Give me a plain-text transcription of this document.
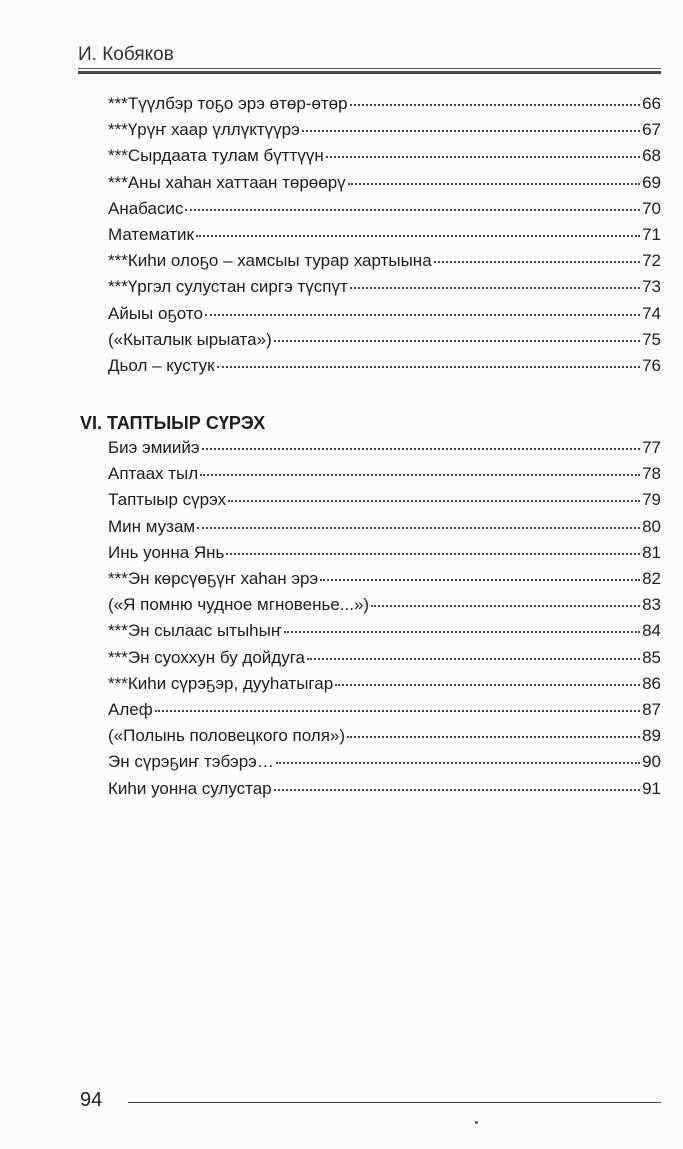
И. Кобяков
***Түүлбэр тоҕо эрэ өтөр-өтөр	66
***Үрүҥ хаар үллүктүүрэ	67
***Сырдаата тулам бүттүүн	68
***Аны хаһан хаттаан төрөөрү	69
Анабасис	70
Математик	71
***Киһи олоҕо – хамсыы турар хартыына	72
***Үргэл сулустан сиргэ түспүт	73
Айыы оҕото	74
(«Кыталык ырыата»)	75
Дьол – кустук	76
VI. ТАПТЫЫР СҮРЭХ
Биэ эмиийэ	77
Аптаах тыл	78
Таптыыр сүрэх	79
Мин музам	80
Инь уонна Янь	81
***Эн көрсүөҕүҥ хаһан эрэ	82
(«Я помню чудное мгновенье...»)	83
***Эн сылаас ытыһыҥ	84
***Эн суоххун бу дойдуга	85
***Киһи сүрэҕэр, дууһатыгар	86
Алеф	87
(«Полынь половецкого поля»)	89
Эн сүрэҕиҥ тэбэрэ…	90
Киһи уонна сулустар	91
94
